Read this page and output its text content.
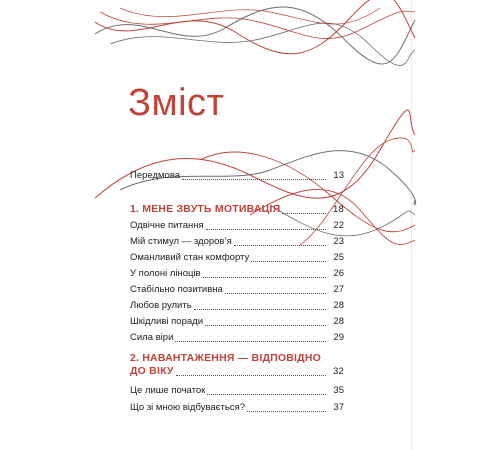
Зміст
Передмова	13
1. МЕНЕ ЗВУТЬ МОТИВАЦІЯ	18
Одвічне питання	22
Мій стимул — здоров’я	23
Оманливий стан комфорту	25
У полоні ліноців	26
Стабільно позитивна	27
Любов рулить	28
Шкідливі поради	28
Сила віри	29
2. НАВАНТАЖЕННЯ — ВІДПОВІДНО
ДО ВІКУ	32
Це лише початок	35
Що зі мною відбувається?	37
